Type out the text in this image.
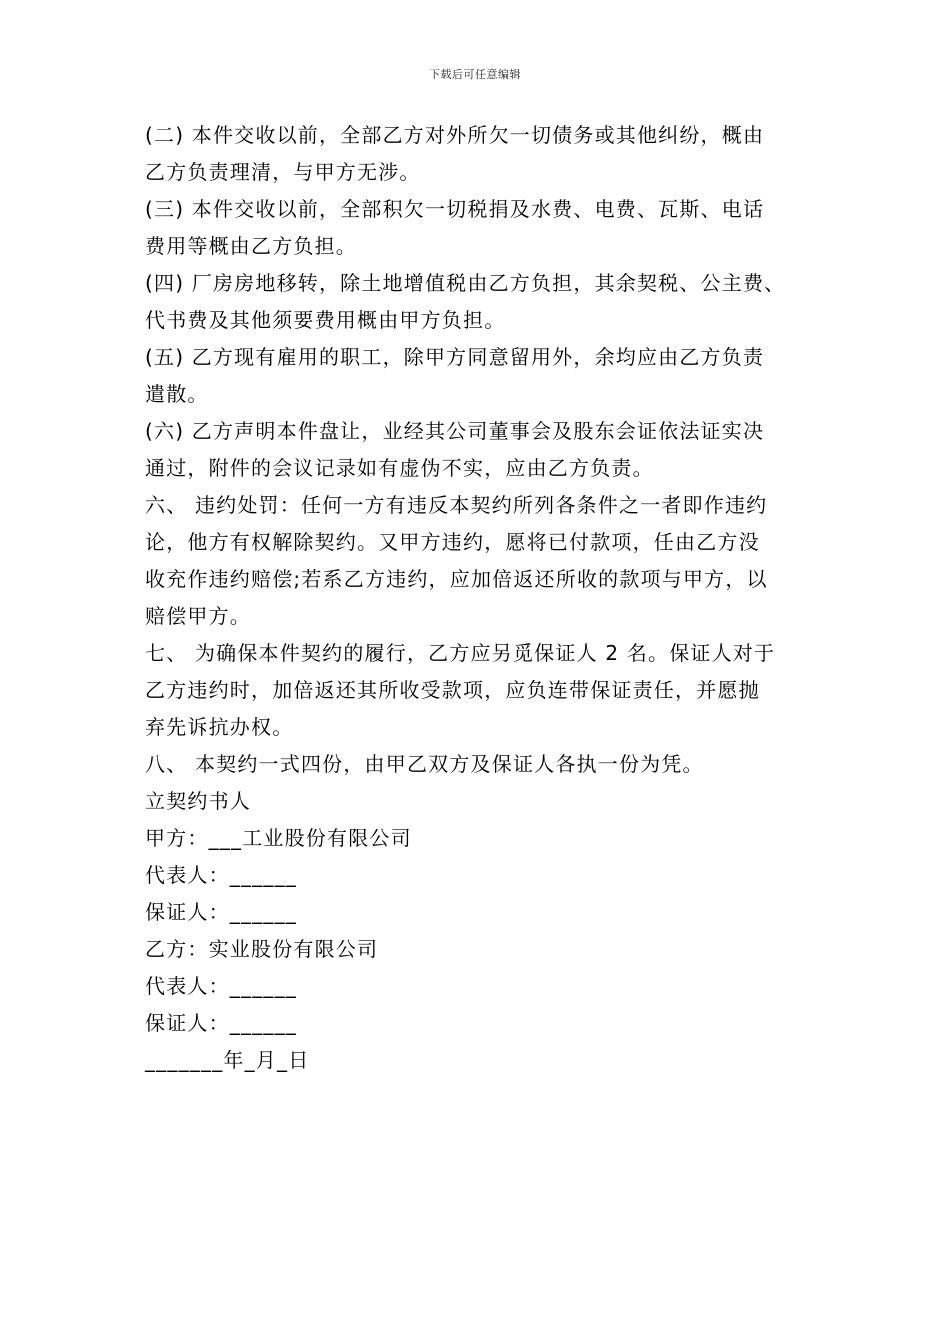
下载后可任意编辑
(二) 本件交收以前，全部乙方对外所欠一切债务或其他纠纷，概由
乙方负责理清，与甲方无涉。
(三) 本件交收以前，全部积欠一切税捐及水费、电费、瓦斯、电话
费用等概由乙方负担。
(四) 厂房房地移转，除土地增值税由乙方负担，其余契税、公主费、
代书费及其他须要费用概由甲方负担。
(五) 乙方现有雇用的职工，除甲方同意留用外，余均应由乙方负责
遣散。
(六) 乙方声明本件盘让，业经其公司董事会及股东会证依法证实决
通过，附件的会议记录如有虚伪不实，应由乙方负责。
六、 违约处罚：任何一方有违反本契约所列各条件之一者即作违约
论，他方有权解除契约。又甲方违约，愿将已付款项，任由乙方没
收充作违约赔偿;若系乙方违约，应加倍返还所收的款项与甲方，以
赔偿甲方。
七、 为确保本件契约的履行，乙方应另觅保证人 2 名。保证人对于
乙方违约时，加倍返还其所收受款项，应负连带保证责任，并愿抛
弃先诉抗办权。
八、 本契约一式四份，由甲乙双方及保证人各执一份为凭。
立契约书人
甲方：___工业股份有限公司
代表人：______
保证人：______
乙方：实业股份有限公司
代表人：______
保证人：______
_______年_月_日
